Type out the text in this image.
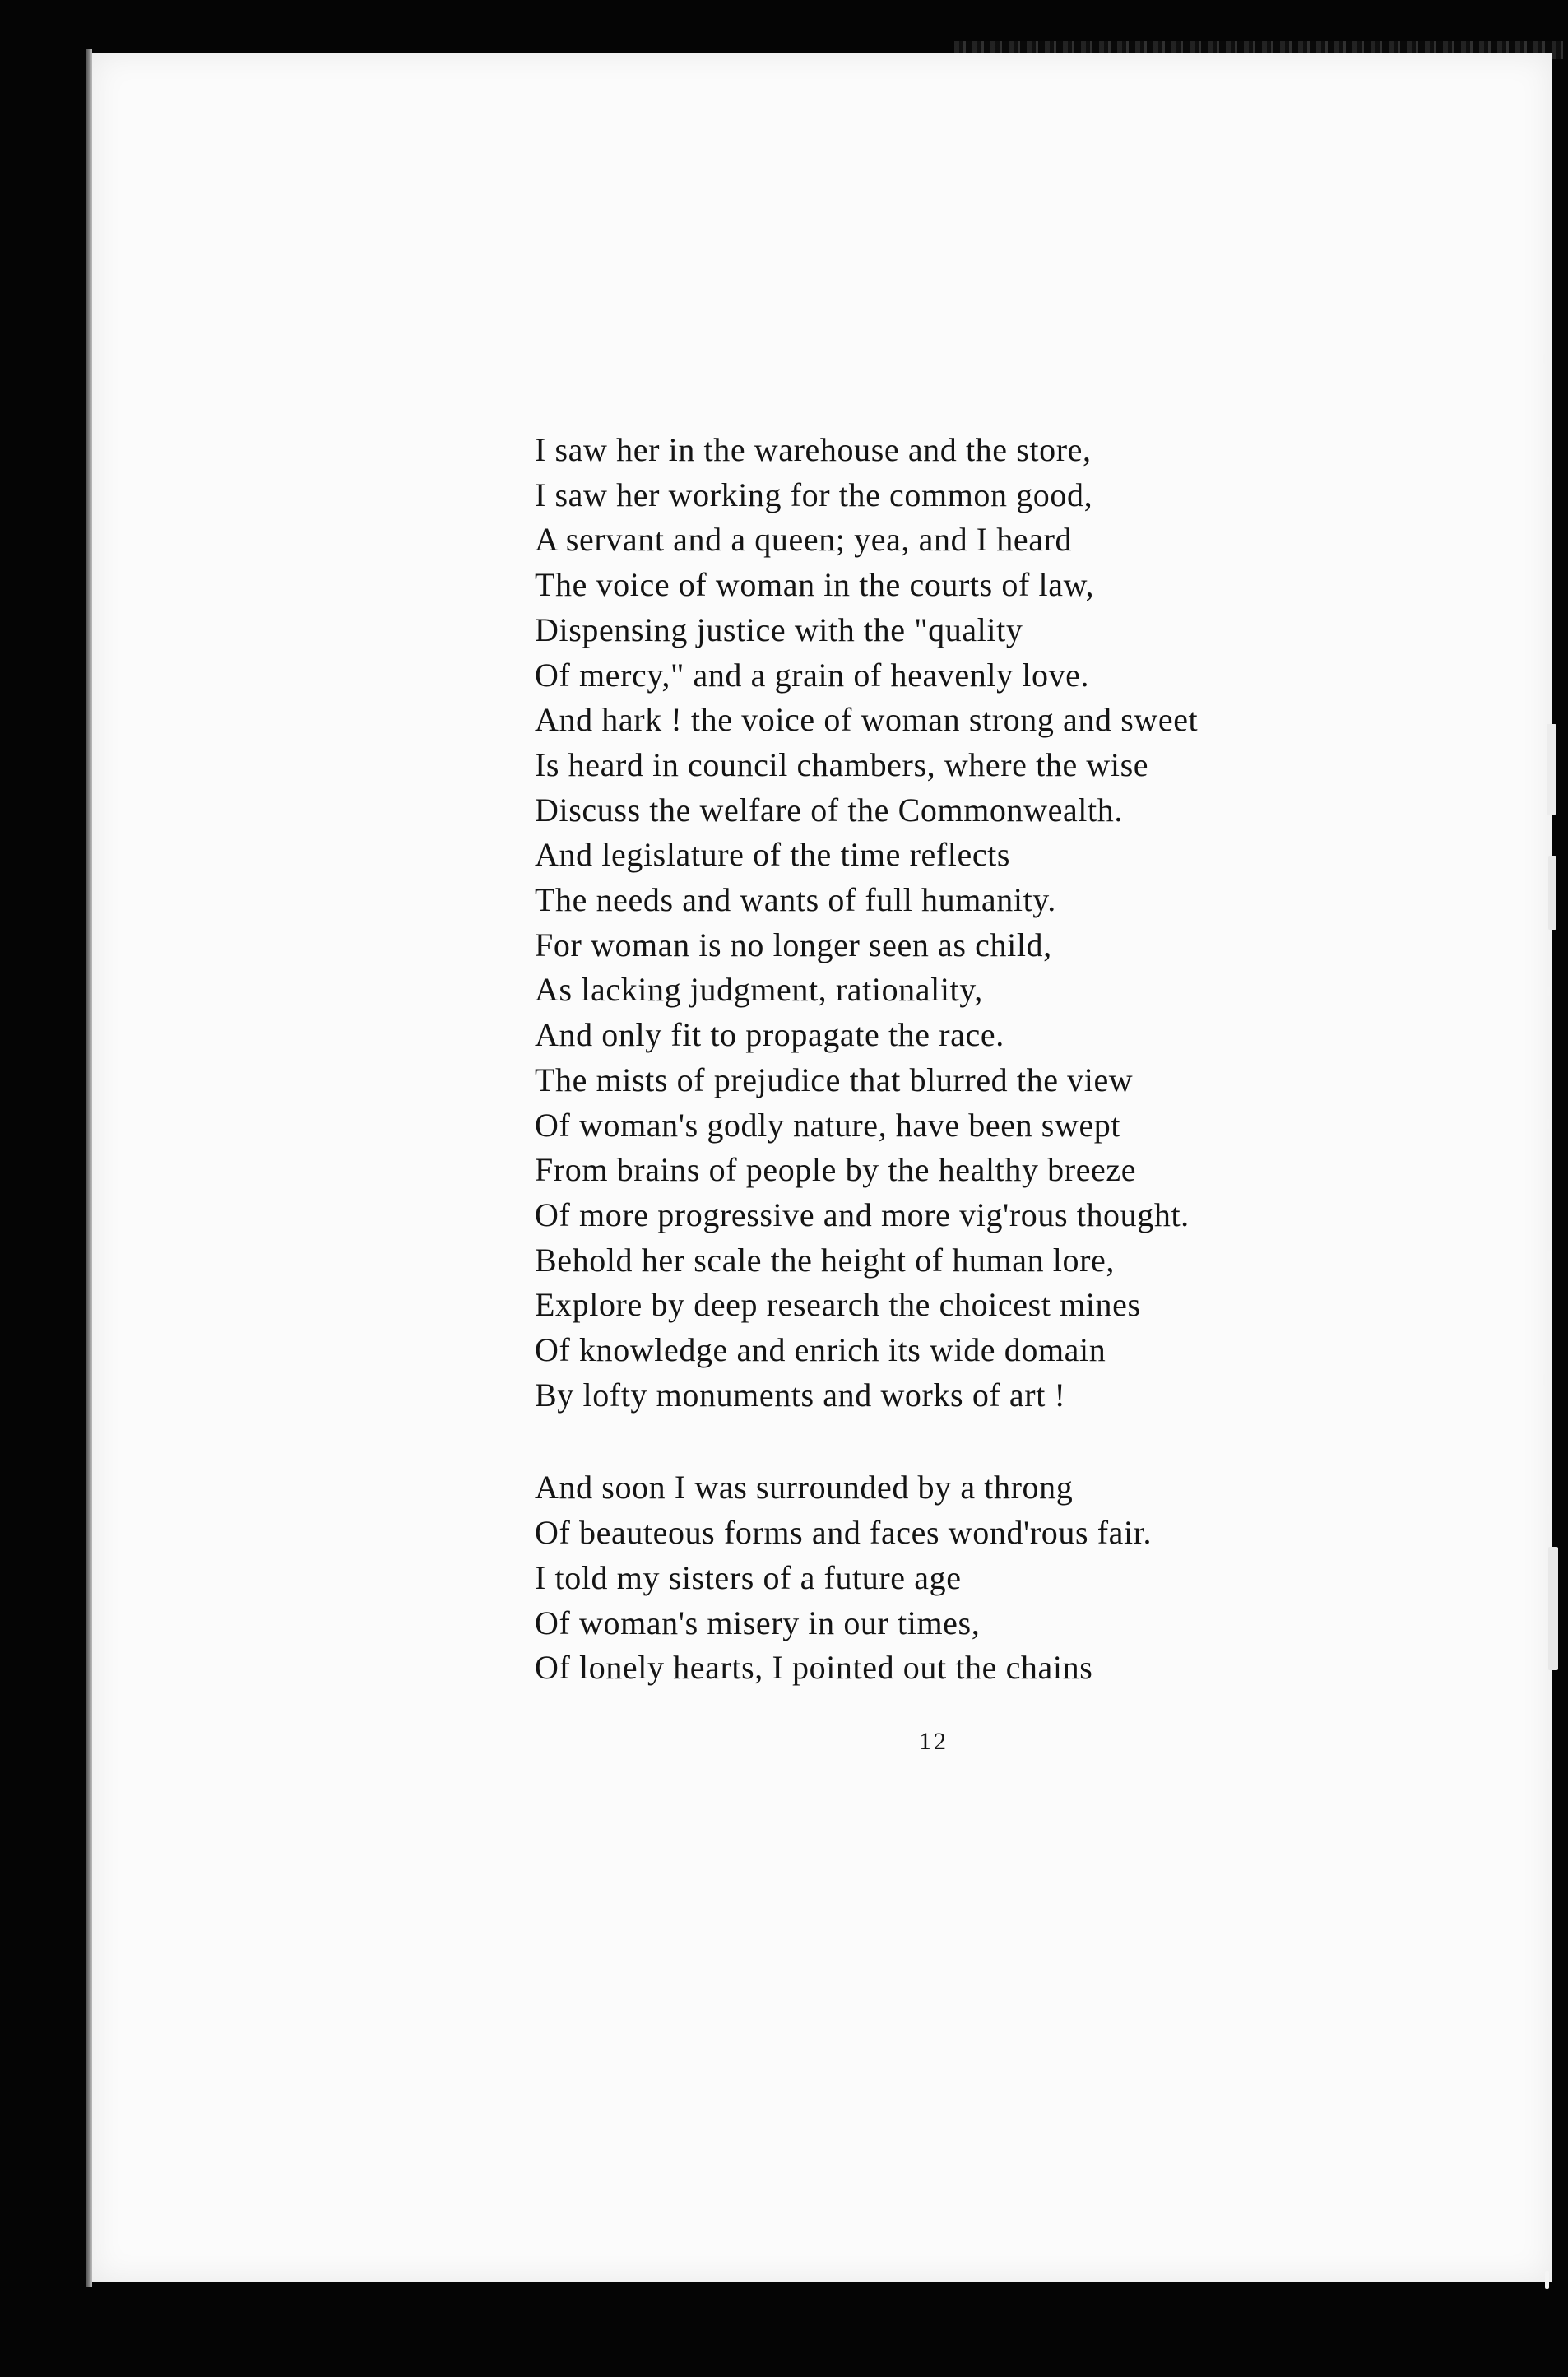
I saw her in the warehouse and the store,
I saw her working for the common good,
A servant and a queen; yea, and I heard
The voice of woman in the courts of law,
Dispensing justice with the "quality
Of mercy," and a grain of heavenly love.
And hark ! the voice of woman strong and sweet
Is heard in council chambers, where the wise
Discuss the welfare of the Commonwealth.
And legislature of the time reflects
The needs and wants of full humanity.
For woman is no longer seen as child,
As lacking judgment, rationality,
And only fit to propagate the race.
The mists of prejudice that blurred the view
Of woman's godly nature, have been swept
From brains of people by the healthy breeze
Of more progressive and more vig'rous thought.
Behold her scale the height of human lore,
Explore by deep research the choicest mines
Of knowledge and enrich its wide domain
By lofty monuments and works of art !
And soon I was surrounded by a throng
Of beauteous forms and faces wond'rous fair.
I told my sisters of a future age
Of woman's misery in our times,
Of lonely hearts, I pointed out the chains
12
